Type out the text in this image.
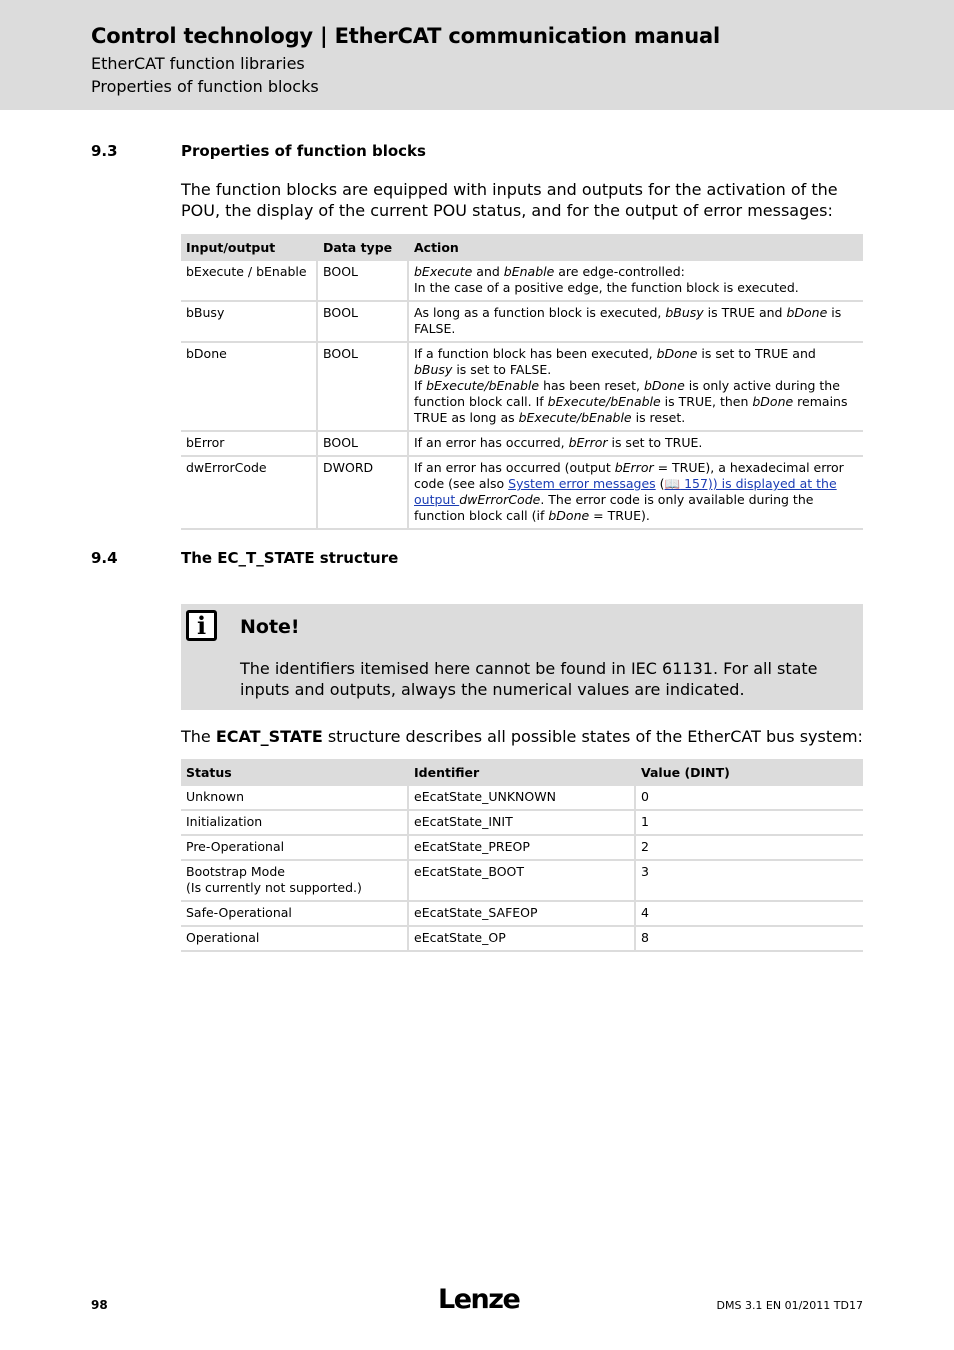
Control technology | EtherCAT communication manual
EtherCAT function libraries
Properties of function blocks
9.3	Properties of function blocks
The function blocks are equipped with inputs and outputs for the activation of the POU, the display of the current POU status, and for the output of error messages:
Input/output	Data type	Action
bExecute / bEnable	BOOL	bExecute and bEnable are edge-controlled:
In the case of a positive edge, the function block is executed.
bBusy	BOOL	As long as a function block is executed, bBusy is TRUE and bDone is FALSE.
bDone	BOOL	If a function block has been executed, bDone is set to TRUE and bBusy is set to FALSE.
If bExecute/bEnable has been reset, bDone is only active during the function block call. If bExecute/bEnable is TRUE, then bDone remains TRUE as long as bExecute/bEnable is reset.
bError	BOOL	If an error has occurred, bError is set to TRUE.
dwErrorCode	DWORD	If an error has occurred (output bError = TRUE), a hexadecimal error code (see also System error messages (📖 157)) is displayed at the output dwErrorCode. The error code is only available during the function block call (if bDone = TRUE).
9.4	The EC_T_STATE structure
i	Note!
The identifiers itemised here cannot be found in IEC 61131. For all state inputs and outputs, always the numerical values are indicated.
The ECAT_STATE structure describes all possible states of the EtherCAT bus system:
Status	Identifier	Value (DINT)
Unknown	eEcatState_UNKNOWN	0
Initialization	eEcatState_INIT	1
Pre-Operational	eEcatState_PREOP	2
Bootstrap Mode
(Is currently not supported.)	eEcatState_BOOT	3
Safe-Operational	eEcatState_SAFEOP	4
Operational	eEcatState_OP	8
98	Lenze	DMS 3.1 EN 01/2011 TD17
